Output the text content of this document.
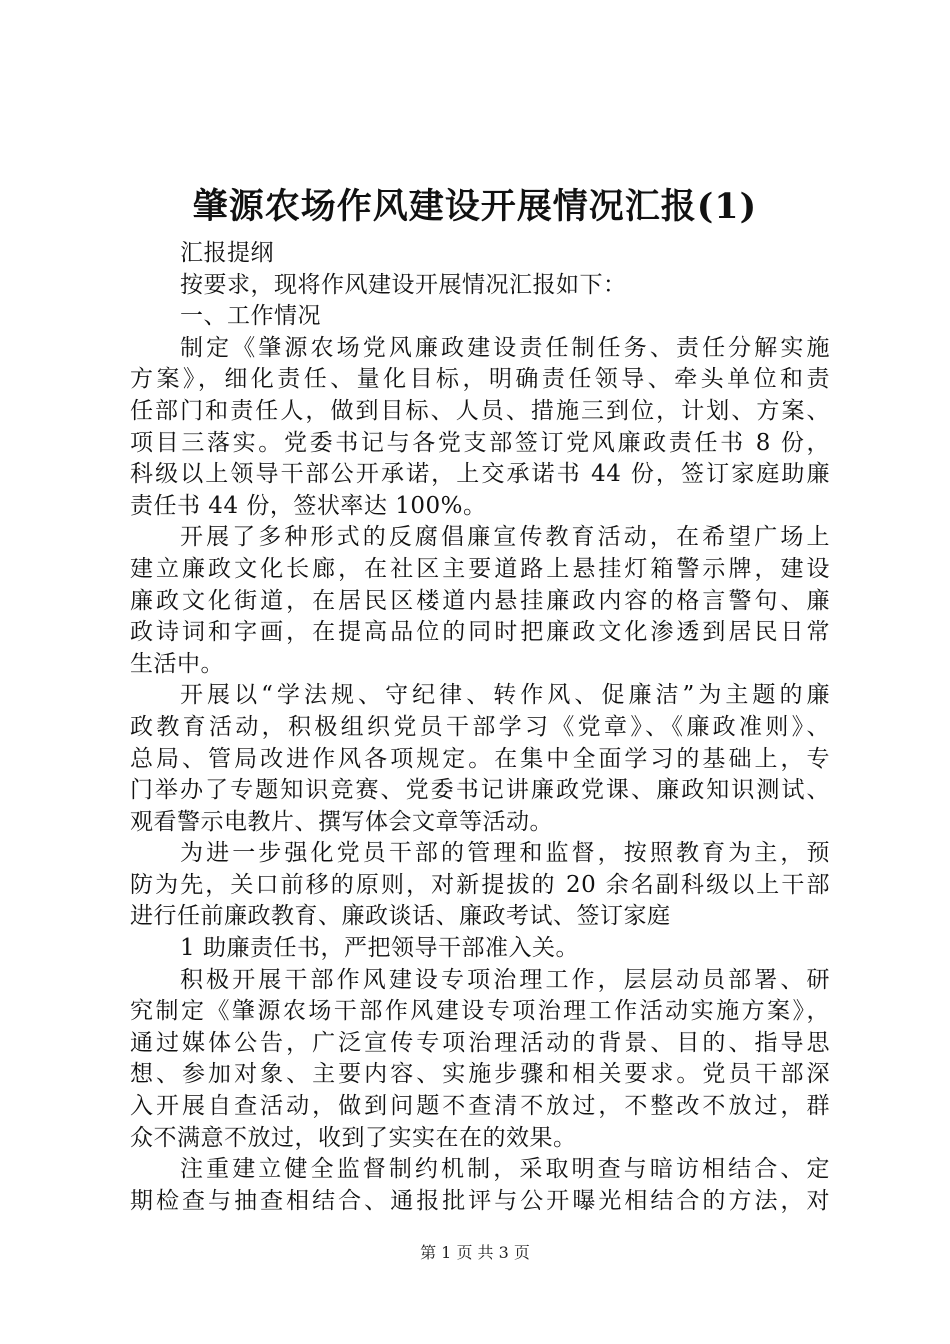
肇源农场作风建设开展情况汇报(1)

汇报提纲

按要求，现将作风建设开展情况汇报如下：

一、工作情况

制定《肇源农场党风廉政建设责任制任务、责任分解实施

方案》，细化责任、量化目标，明确责任领导、牵头单位和责

任部门和责任人，做到目标、人员、措施三到位，计划、方案、

项目三落实。党委书记与各党支部签订党风廉政责任书 8 份，

科级以上领导干部公开承诺，上交承诺书 44 份，签订家庭助廉

责任书 44 份，签状率达 100%。

开展了多种形式的反腐倡廉宣传教育活动，在希望广场上

建立廉政文化长廊，在社区主要道路上悬挂灯箱警示牌，建设

廉政文化街道，在居民区楼道内悬挂廉政内容的格言警句、廉

政诗词和字画，在提高品位的同时把廉政文化渗透到居民日常

生活中。

开展以“学法规、守纪律、转作风、促廉洁”为主题的廉

政教育活动，积极组织党员干部学习《党章》、《廉政准则》、

总局、管局改进作风各项规定。在集中全面学习的基础上，专

门举办了专题知识竞赛、党委书记讲廉政党课、廉政知识测试、

观看警示电教片、撰写体会文章等活动。

为进一步强化党员干部的管理和监督，按照教育为主，预

防为先，关口前移的原则，对新提拔的 20 余名副科级以上干部

进行任前廉政教育、廉政谈话、廉政考试、签订家庭

1 助廉责任书，严把领导干部准入关。

积极开展干部作风建设专项治理工作，层层动员部署、研

究制定《肇源农场干部作风建设专项治理工作活动实施方案》，

通过媒体公告，广泛宣传专项治理活动的背景、目的、指导思

想、参加对象、主要内容、实施步骤和相关要求。党员干部深

入开展自查活动，做到问题不查清不放过，不整改不放过，群

众不满意不放过，收到了实实在在的效果。

注重建立健全监督制约机制，采取明查与暗访相结合、定

期检查与抽查相结合、通报批评与公开曝光相结合的方法，对

第 1 页 共 3 页
